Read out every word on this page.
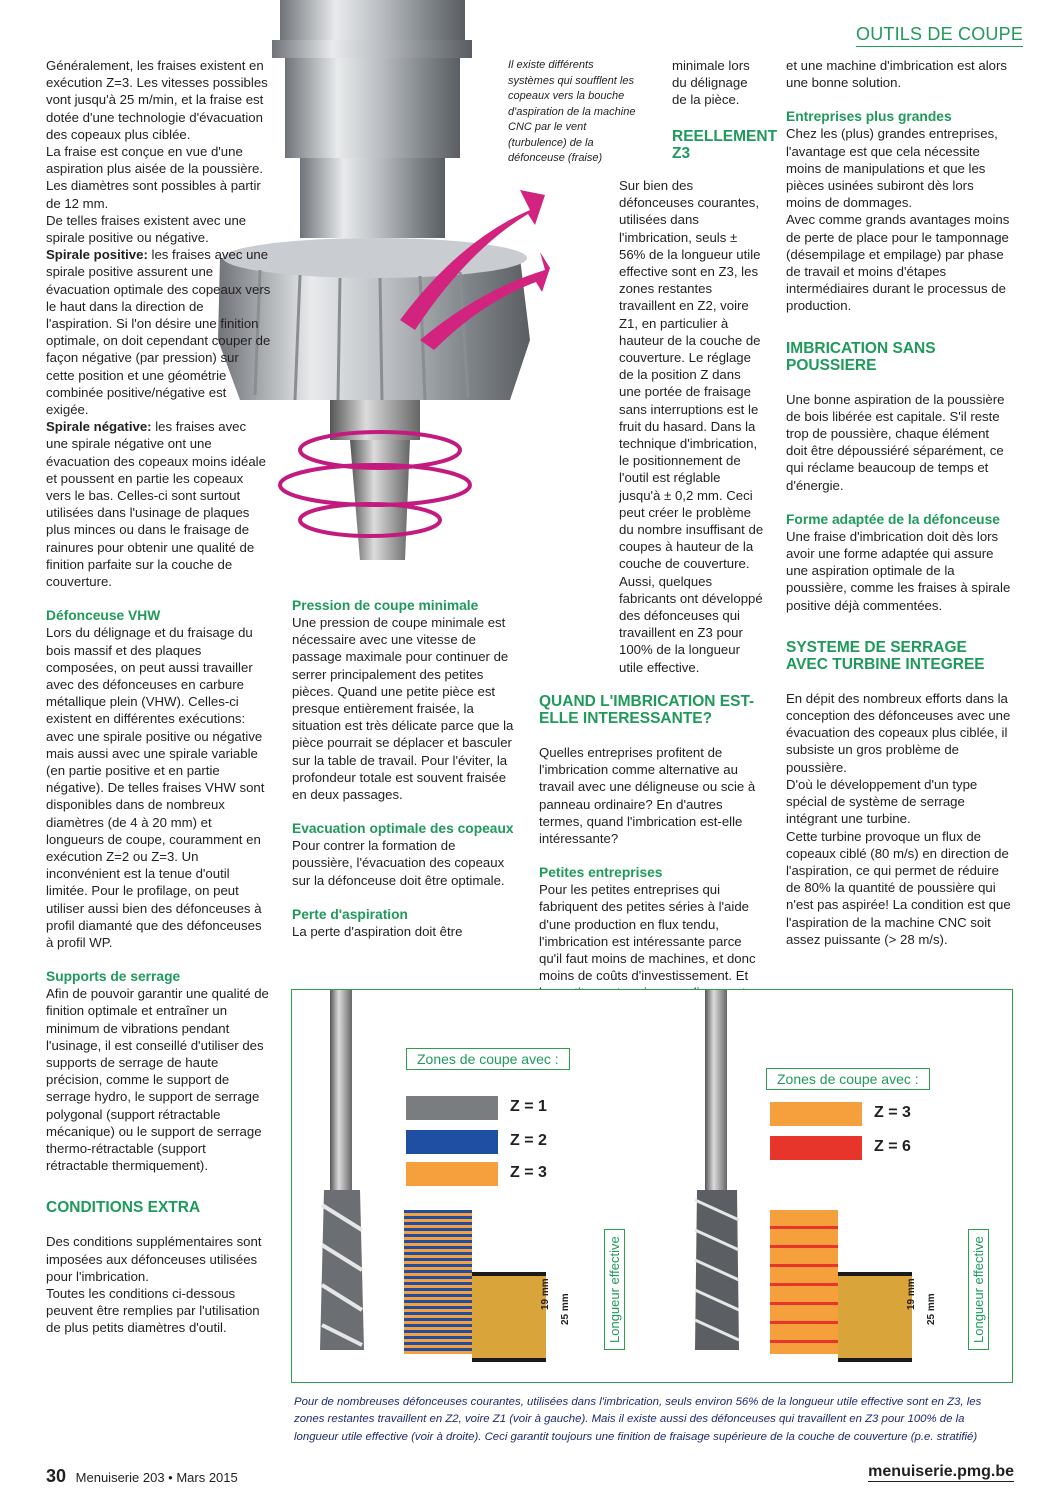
OUTILS DE COUPE
Il existe différents systèmes qui soufflent les copeaux vers la bouche d'aspiration de la machine CNC par le vent (turbulence) de la défonceuse (fraise)

Généralement, les fraises existent en exécution Z=3. Les vitesses possibles vont jusqu'à 25 m/min, et la fraise est dotée d'une technologie d'évacuation des copeaux plus ciblée.

La fraise est conçue en vue d'une aspiration plus aisée de la poussière. Les diamètres sont possibles à partir de 12 mm.

De telles fraises existent avec une spirale positive ou négative.

Spirale positive: les fraises avec une spirale positive assurent une évacuation optimale des copeaux vers le haut dans la direction de l'aspiration. Si l'on désire une finition optimale, on doit cependant couper de façon négative (par pression) sur cette position et une géométrie combinée positive/négative est exigée.

Spirale négative: les fraises avec une spirale négative ont une évacuation des copeaux moins idéale et poussent en partie les copeaux vers le bas. Celles-ci sont surtout utilisées dans l'usinage de plaques plus minces ou dans le fraisage de rainures pour obtenir une qualité de finition parfaite sur la couche de couverture.

Défonceuse VHW

Lors du délignage et du fraisage du bois massif et des plaques composées, on peut aussi travailler avec des défonceuses en carbure métallique plein (VHW). Celles-ci existent en différentes exécutions: avec une spirale positive ou négative mais aussi avec une spirale variable (en partie positive et en partie négative). De telles fraises VHW sont disponibles dans de nombreux diamètres (de 4 à 20 mm) et longueurs de coupe, couramment en exécution Z=2 ou Z=3. Un inconvénient est la tenue d'outil limitée. Pour le profilage, on peut utiliser aussi bien des défonceuses à profil diamanté que des défonceuses à profil WP.

Supports de serrage

Afin de pouvoir garantir une qualité de finition optimale et entraîner un minimum de vibrations pendant l'usinage, il est conseillé d'utiliser des supports de serrage de haute précision, comme le support de serrage hydro, le support de serrage polygonal (support rétractable mécanique) ou le support de serrage thermo-rétractable (support rétractable thermiquement).

CONDITIONS EXTRA

Des conditions supplémentaires sont imposées aux défonceuses utilisées pour l'imbrication.

Toutes les conditions ci-dessous peuvent être remplies par l'utilisation de plus petits diamètres d'outil.

Pression de coupe minimale

Une pression de coupe minimale est nécessaire avec une vitesse de passage maximale pour continuer de serrer principalement des petites pièces. Quand une petite pièce est presque entièrement fraisée, la situation est très délicate parce que la pièce pourrait se déplacer et basculer sur la table de travail. Pour l'éviter, la profondeur totale est souvent fraisée en deux passages.

Evacuation optimale des copeaux

Pour contrer la formation de poussière, l'évacuation des copeaux sur la défonceuse doit être optimale.

Perte d'aspiration

La perte d'aspiration doit être

minimale lors du délignage de la pièce.

REELLEMENT Z3

Sur bien des défonceuses courantes, utilisées dans l'imbrication, seuls ± 56% de la longueur utile effective sont en Z3, les zones restantes travaillent en Z2, voire Z1, en particulier à hauteur de la couche de couverture. Le réglage de la position Z dans une portée de fraisage sans interruptions est le fruit du hasard. Dans la technique d'imbrication, le positionnement de l'outil est réglable jusqu'à ± 0,2 mm. Ceci peut créer le problème du nombre insuffisant de coupes à hauteur de la couche de couverture. Aussi, quelques fabricants ont développé des défonceuses qui travaillent en Z3 pour 100% de la longueur utile effective.

QUAND L'IMBRICATION EST-ELLE INTERESSANTE?

Quelles entreprises profitent de l'imbrication comme alternative au travail avec une déligneuse ou scie à panneau ordinaire? En d'autres termes, quand l'imbrication est-elle intéressante?

Petites entreprises

Pour les petites entreprises qui fabriquent des petites séries à l'aide d'une production en flux tendu, l'imbrication est intéressante parce qu'il faut moins de machines, et donc moins de coûts d'investissement. Et

et une machine d'imbrication est alors une bonne solution.

Entreprises plus grandes

Chez les (plus) grandes entreprises, l'avantage est que cela nécessite moins de manipulations et que les pièces usinées subiront dès lors moins de dommages.

Avec comme grands avantages moins de perte de place pour le tamponnage (désempilage et empilage) par phase de travail et moins d'étapes intermédiaires durant le processus de production.

IMBRICATION SANS POUSSIERE

Une bonne aspiration de la poussière de bois libérée est capitale. S'il reste trop de poussière, chaque élément doit être dépoussiéré séparément, ce qui réclame beaucoup de temps et d'énergie.

Forme adaptée de la défonceuse

Une fraise d'imbrication doit dès lors avoir une forme adaptée qui assure une aspiration optimale de la poussière, comme les fraises à spirale positive déjà commentées.

SYSTEME DE SERRAGE AVEC TURBINE INTEGREE

En dépit des nombreux efforts dans la conception des défonceuses avec une évacuation des copeaux plus ciblée, il subsiste un gros problème de poussière.

D'où le développement d'un type spécial de système de serrage intégrant une turbine.

Cette turbine provoque un flux de copeaux ciblé (80 m/s) en direction de l'aspiration, ce qui permet de réduire de 80% la quantité de poussière qui n'est pas aspirée! La condition est que l'aspiration de la machine CNC soit assez puissante (> 28 m/s).

Zones de coupe avec :
Z = 1
Z = 2
Z = 3
19 mm 25 mm	Longueur effective
Zones de coupe avec :
Z = 3
Z = 6
19 mm 25 mm	Longueur effective
Pour de nombreuses défonceuses courantes, utilisées dans l'imbrication, seuls environ 56% de la longueur utile effective sont en Z3, les zones restantes travaillent en Z2, voire Z1 (voir à gauche). Mais il existe aussi des défonceuses qui travaillent en Z3 pour 100% de la longueur utile effective (voir à droite). Ceci garantit toujours une finition de fraisage supérieure de la couche de couverture (p.e. stratifié)
30 Menuiserie 203 • Mars 2015	menuiserie.pmg.be
